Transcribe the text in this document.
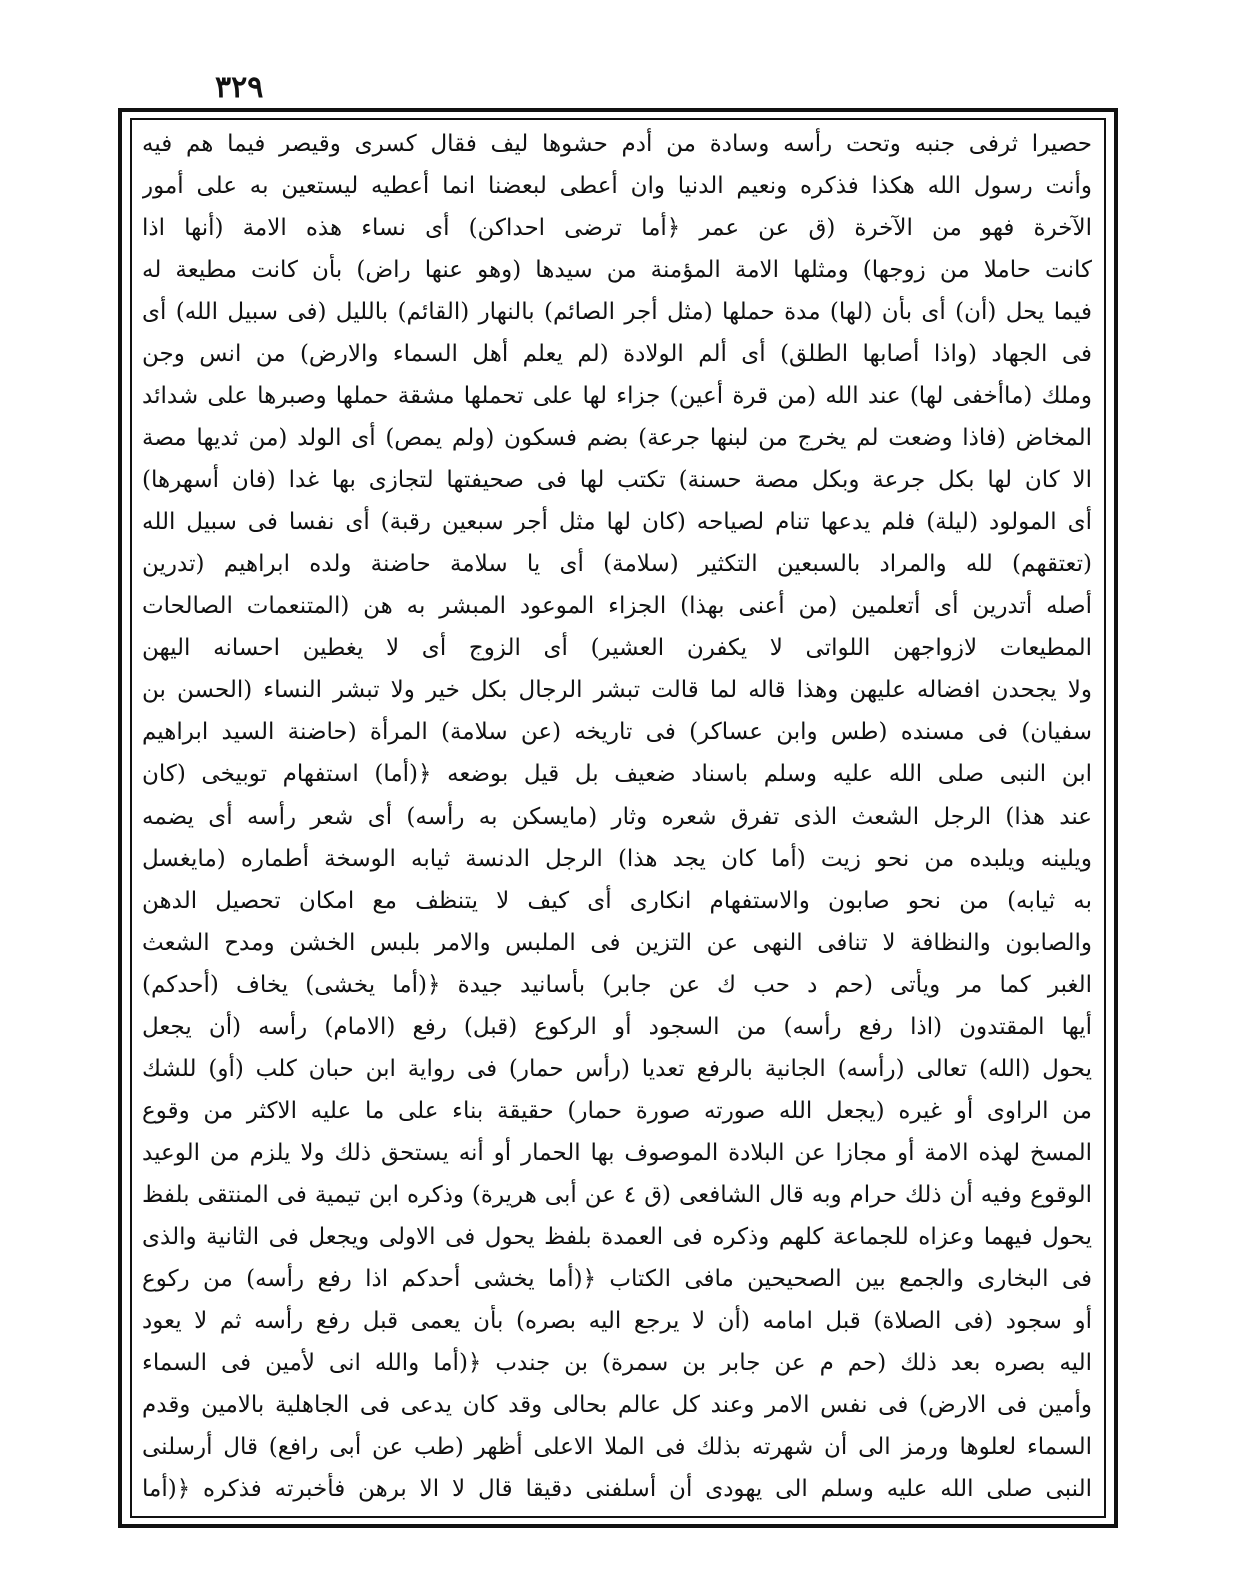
٣٢٩
حصيرا ثرفى جنبه وتحت رأسه وسادة من أدم حشوها ليف فقال كسرى وقيصر فيما هم فيه
وأنت رسول الله هكذا فذكره ونعيم الدنيا وان أعطى لبعضنا انما أعطيه ليستعين به على أمور
الآخرة فهو من الآخرة (ق عن عمر ﴿أما ترضى احداكن) أى نساء هذه الامة (أنها اذا
كانت حاملا من زوجها) ومثلها الامة المؤمنة من سيدها (وهو عنها راض) بأن كانت مطيعة له
فيما يحل (أن) أى بأن (لها) مدة حملها (مثل أجر الصائم) بالنهار (القائم) بالليل (فى سبيل الله) أى
فى الجهاد (واذا أصابها الطلق) أى ألم الولادة (لم يعلم أهل السماء والارض) من انس وجن
وملك (ماأخفى لها) عند الله (من قرة أعين) جزاء لها على تحملها مشقة حملها وصبرها على شدائد
المخاض (فاذا وضعت لم يخرج من لبنها جرعة) بضم فسكون (ولم يمص) أى الولد (من ثديها مصة
الا كان لها بكل جرعة وبكل مصة حسنة) تكتب لها فى صحيفتها لتجازى بها غدا (فان أسهرها)
أى المولود (ليلة) فلم يدعها تنام لصياحه (كان لها مثل أجر سبعين رقبة) أى نفسا فى سبيل الله
(تعتقهم) لله والمراد بالسبعين التكثير (سلامة) أى يا سلامة حاضنة ولده ابراهيم (تدرين
أصله أتدرين أى أتعلمين (من أعنى بهذا) الجزاء الموعود المبشر به هن (المتنعمات الصالحات
المطيعات لازواجهن اللواتى لا يكفرن العشير) أى الزوج أى لا يغطين احسانه اليهن
ولا يجحدن افضاله عليهن وهذا قاله لما قالت تبشر الرجال بكل خير ولا تبشر النساء (الحسن بن
سفيان) فى مسنده (طس وابن عساكر) فى تاريخه (عن سلامة) المرأة (حاضنة السيد ابراهيم
ابن النبى صلى الله عليه وسلم باسناد ضعيف بل قيل بوضعه ﴿(أما) استفهام توبيخى (كان
عند هذا) الرجل الشعث الذى تفرق شعره وثار (مايسكن به رأسه) أى شعر رأسه أى يضمه
ويلينه ويلبده من نحو زيت (أما كان يجد هذا) الرجل الدنسة ثيابه الوسخة أطماره (مايغسل
به ثيابه) من نحو صابون والاستفهام انكارى أى كيف لا يتنظف مع امكان تحصيل الدهن
والصابون والنظافة لا تنافى النهى عن التزين فى الملبس والامر بلبس الخشن ومدح الشعث
الغبر كما مر ويأتى (حم د حب ك عن جابر) بأسانيد جيدة ﴿(أما يخشى) يخاف (أحدكم)
أيها المقتدون (اذا رفع رأسه) من السجود أو الركوع (قبل) رفع (الامام) رأسه (أن يجعل
يحول (الله) تعالى (رأسه) الجانية بالرفع تعديا (رأس حمار) فى رواية ابن حبان كلب (أو) للشك
من الراوى أو غيره (يجعل الله صورته صورة حمار) حقيقة بناء على ما عليه الاكثر من وقوع
المسخ لهذه الامة أو مجازا عن البلادة الموصوف بها الحمار أو أنه يستحق ذلك ولا يلزم من الوعيد
الوقوع وفيه أن ذلك حرام وبه قال الشافعى (ق ٤ عن أبى هريرة) وذكره ابن تيمية فى المنتقى بلفظ
يحول فيهما وعزاه للجماعة كلهم وذكره فى العمدة بلفظ يحول فى الاولى ويجعل فى الثانية والذى
فى البخارى والجمع بين الصحيحين مافى الكتاب ﴿(أما يخشى أحدكم اذا رفع رأسه) من ركوع
أو سجود (فى الصلاة) قبل امامه (أن لا يرجع اليه بصره) بأن يعمى قبل رفع رأسه ثم لا يعود
اليه بصره بعد ذلك (حم م عن جابر بن سمرة) بن جندب ﴿(أما والله انى لأمين فى السماء
وأمين فى الارض) فى نفس الامر وعند كل عالم بحالى وقد كان يدعى فى الجاهلية بالامين وقدم
السماء لعلوها ورمز الى أن شهرته بذلك فى الملا الاعلى أظهر (طب عن أبى رافع) قال أرسلنى
النبى صلى الله عليه وسلم الى يهودى أن أسلفنى دقيقا قال لا الا برهن فأخبرته فذكره ﴿(أما
